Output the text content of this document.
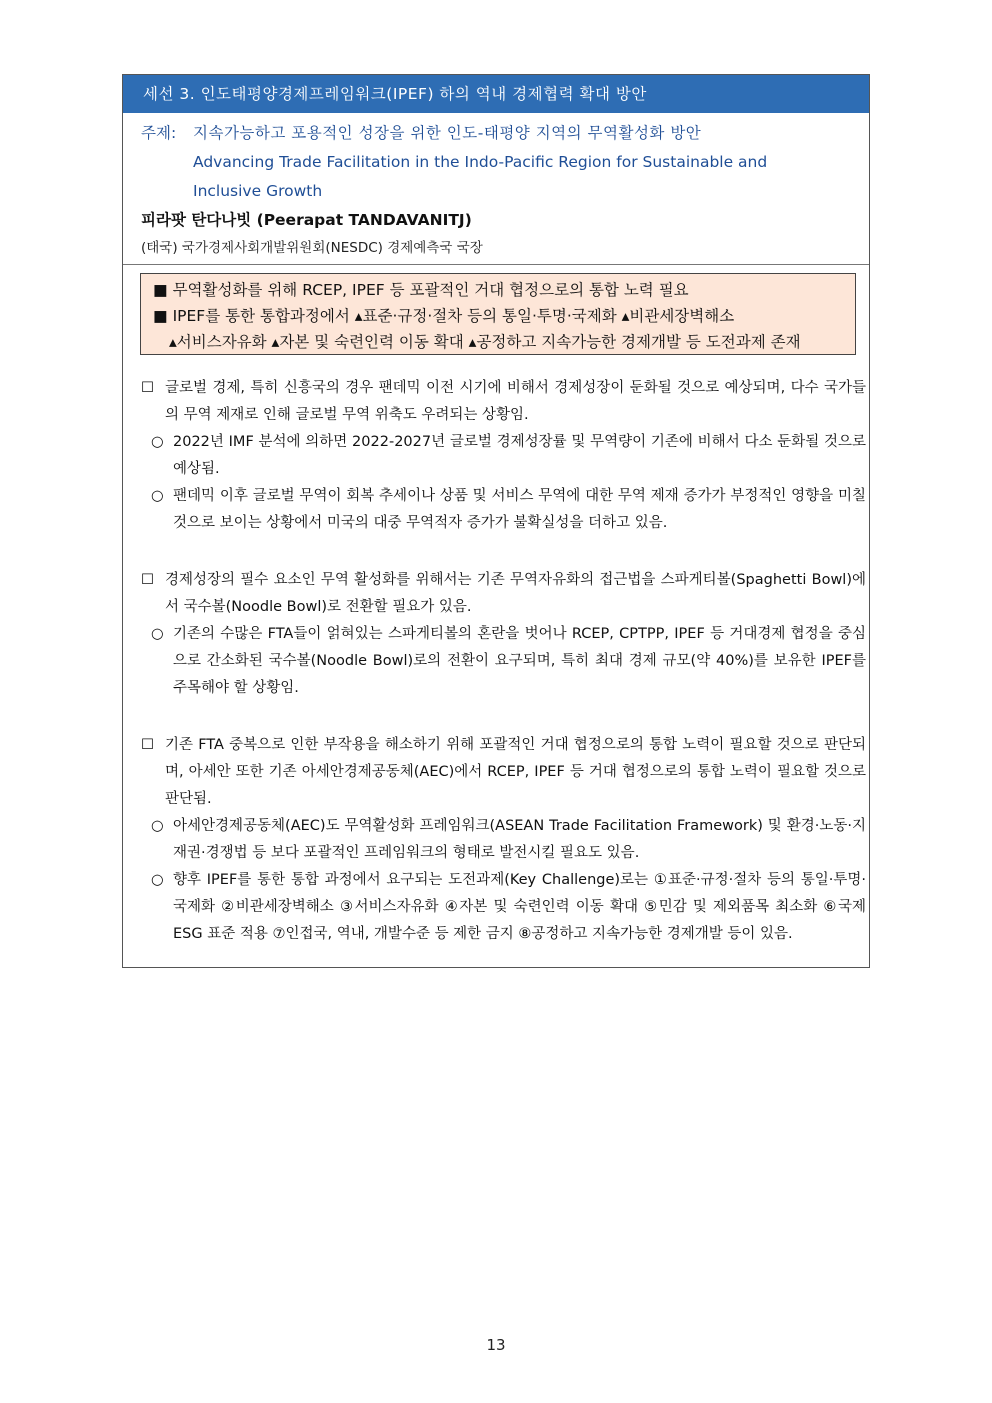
세선 3. 인도태평양경제프레임워크(IPEF) 하의 역내 경제협력 확대 방안
주제: 지속가능하고 포용적인 성장을 위한 인도-태평양 지역의 무역활성화 방안
Advancing Trade Facilitation in the Indo-Pacific Region for Sustainable and
Inclusive Growth
피라팟 탄다나빗 (Peerapat TANDAVANITJ)
(태국) 국가경제사회개발위원회(NESDC) 경제예측국 국장
■ 무역활성화를 위해 RCEP, IPEF 등 포괄적인 거대 협정으로의 통합 노력 필요
■ IPEF를 통한 통합과정에서 ▴표준·규정·절차 등의 통일·투명·국제화 ▴비관세장벽해소
▴서비스자유화 ▴자본 및 숙련인력 이동 확대 ▴공정하고 지속가능한 경제개발 등 도전과제 존재
☐ 글로벌 경제, 특히 신흥국의 경우 팬데믹 이전 시기에 비해서 경제성장이 둔화될 것으로 예상되며, 다수 국가들의 무역 제재로 인해 글로벌 무역 위축도 우려되는 상황임.
○ 2022년 IMF 분석에 의하면 2022-2027년 글로벌 경제성장률 및 무역량이 기존에 비해서 다소 둔화될 것으로 예상됨.
○ 팬데믹 이후 글로벌 무역이 회복 추세이나 상품 및 서비스 무역에 대한 무역 제재 증가가 부정적인 영향을 미칠 것으로 보이는 상황에서 미국의 대중 무역적자 증가가 불확실성을 더하고 있음.
☐ 경제성장의 필수 요소인 무역 활성화를 위해서는 기존 무역자유화의 접근법을 스파게티볼(Spaghetti Bowl)에서 국수볼(Noodle Bowl)로 전환할 필요가 있음.
○ 기존의 수많은 FTA들이 얽혀있는 스파게티볼의 혼란을 벗어나 RCEP, CPTPP, IPEF 등 거대경제 협정을 중심으로 간소화된 국수볼(Noodle Bowl)로의 전환이 요구되며, 특히 최대 경제 규모(약 40%)를 보유한 IPEF를 주목해야 할 상황임.
☐ 기존 FTA 중복으로 인한 부작용을 해소하기 위해 포괄적인 거대 협정으로의 통합 노력이 필요할 것으로 판단되며, 아세안 또한 기존 아세안경제공동체(AEC)에서 RCEP, IPEF 등 거대 협정으로의 통합 노력이 필요할 것으로 판단됨.
○ 아세안경제공동체(AEC)도 무역활성화 프레임워크(ASEAN Trade Facilitation Framework) 및 환경·노동·지재권·경쟁법 등 보다 포괄적인 프레임워크의 형태로 발전시킬 필요도 있음.
○ 향후 IPEF를 통한 통합 과정에서 요구되는 도전과제(Key Challenge)로는 ①표준·규정·절차 등의 통일·투명·국제화 ②비관세장벽해소 ③서비스자유화 ④자본 및 숙련인력 이동 확대 ⑤민감 및 제외품목 최소화 ⑥국제 ESG 표준 적용 ⑦인접국, 역내, 개발수준 등 제한 금지 ⑧공정하고 지속가능한 경제개발 등이 있음.
13
